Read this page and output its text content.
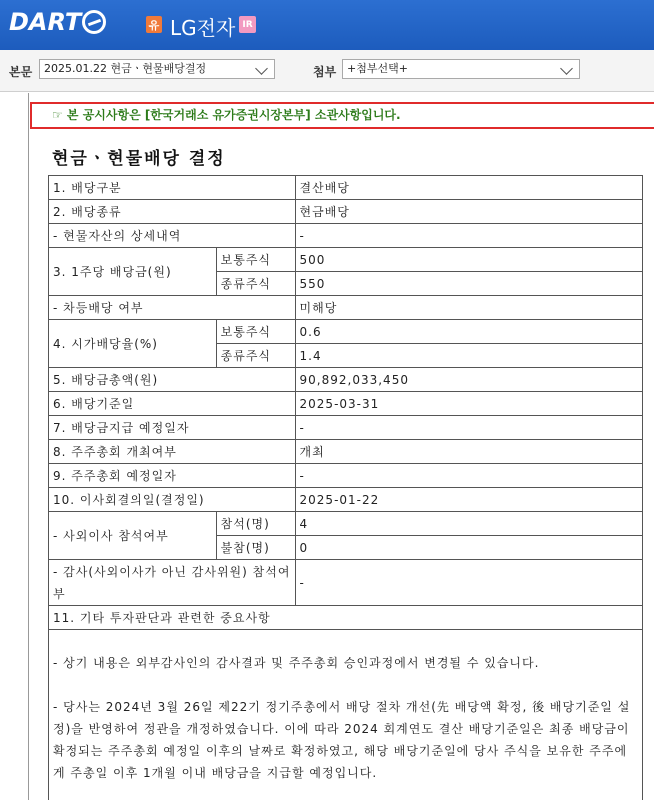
DART	유 LG전자 IR
본문	2025.01.22 현금ㆍ현물배당결정	첨부 +첨부선택+
☞ 본 공시사항은 [한국거래소 유가증권시장본부] 소관사항입니다.
현금ㆍ현물배당 결정
1. 배당구분		결산배당
2. 배당종류		현금배당
- 현물자산의 상세내역		-
3. 1주당 배당금(원)	보통주식	500
	종류주식	550
- 차등배당 여부		미해당
4. 시가배당율(%)	보통주식	0.6
	종류주식	1.4
5. 배당금총액(원)		90,892,033,450
6. 배당기준일		2025-03-31
7. 배당금지급 예정일자		-
8. 주주총회 개최여부		개최
9. 주주총회 예정일자		-
10. 이사회결의일(결정일)		2025-01-22
- 사외이사 참석여부	참석(명)	4
	불참(명)	0
- 감사(사외이사가 아닌 감사위원) 참석여부		-
11. 기타 투자판단과 관련한 중요사항		

- 상기 내용은 외부감사인의 감사결과 및 주주총회 승인과정에서 변경될 수 있습니다.

- 당사는 2024년 3월 26일 제22기 정기주총에서 배당 절차 개선(先 배당액 확정, 後 배당기준일 설정)을 반영하여 정관을 개정하였습니다. 이에 따라 2024 회계연도 결산 배당기준일은 최종 배당금이 확정되는 주주총회 예정일 이후의 날짜로 확정하였고, 해당 배당기준일에 당사 주식을 보유한 주주에게 주총일 이후 1개월 이내 배당금을 지급할 예정입니다.
